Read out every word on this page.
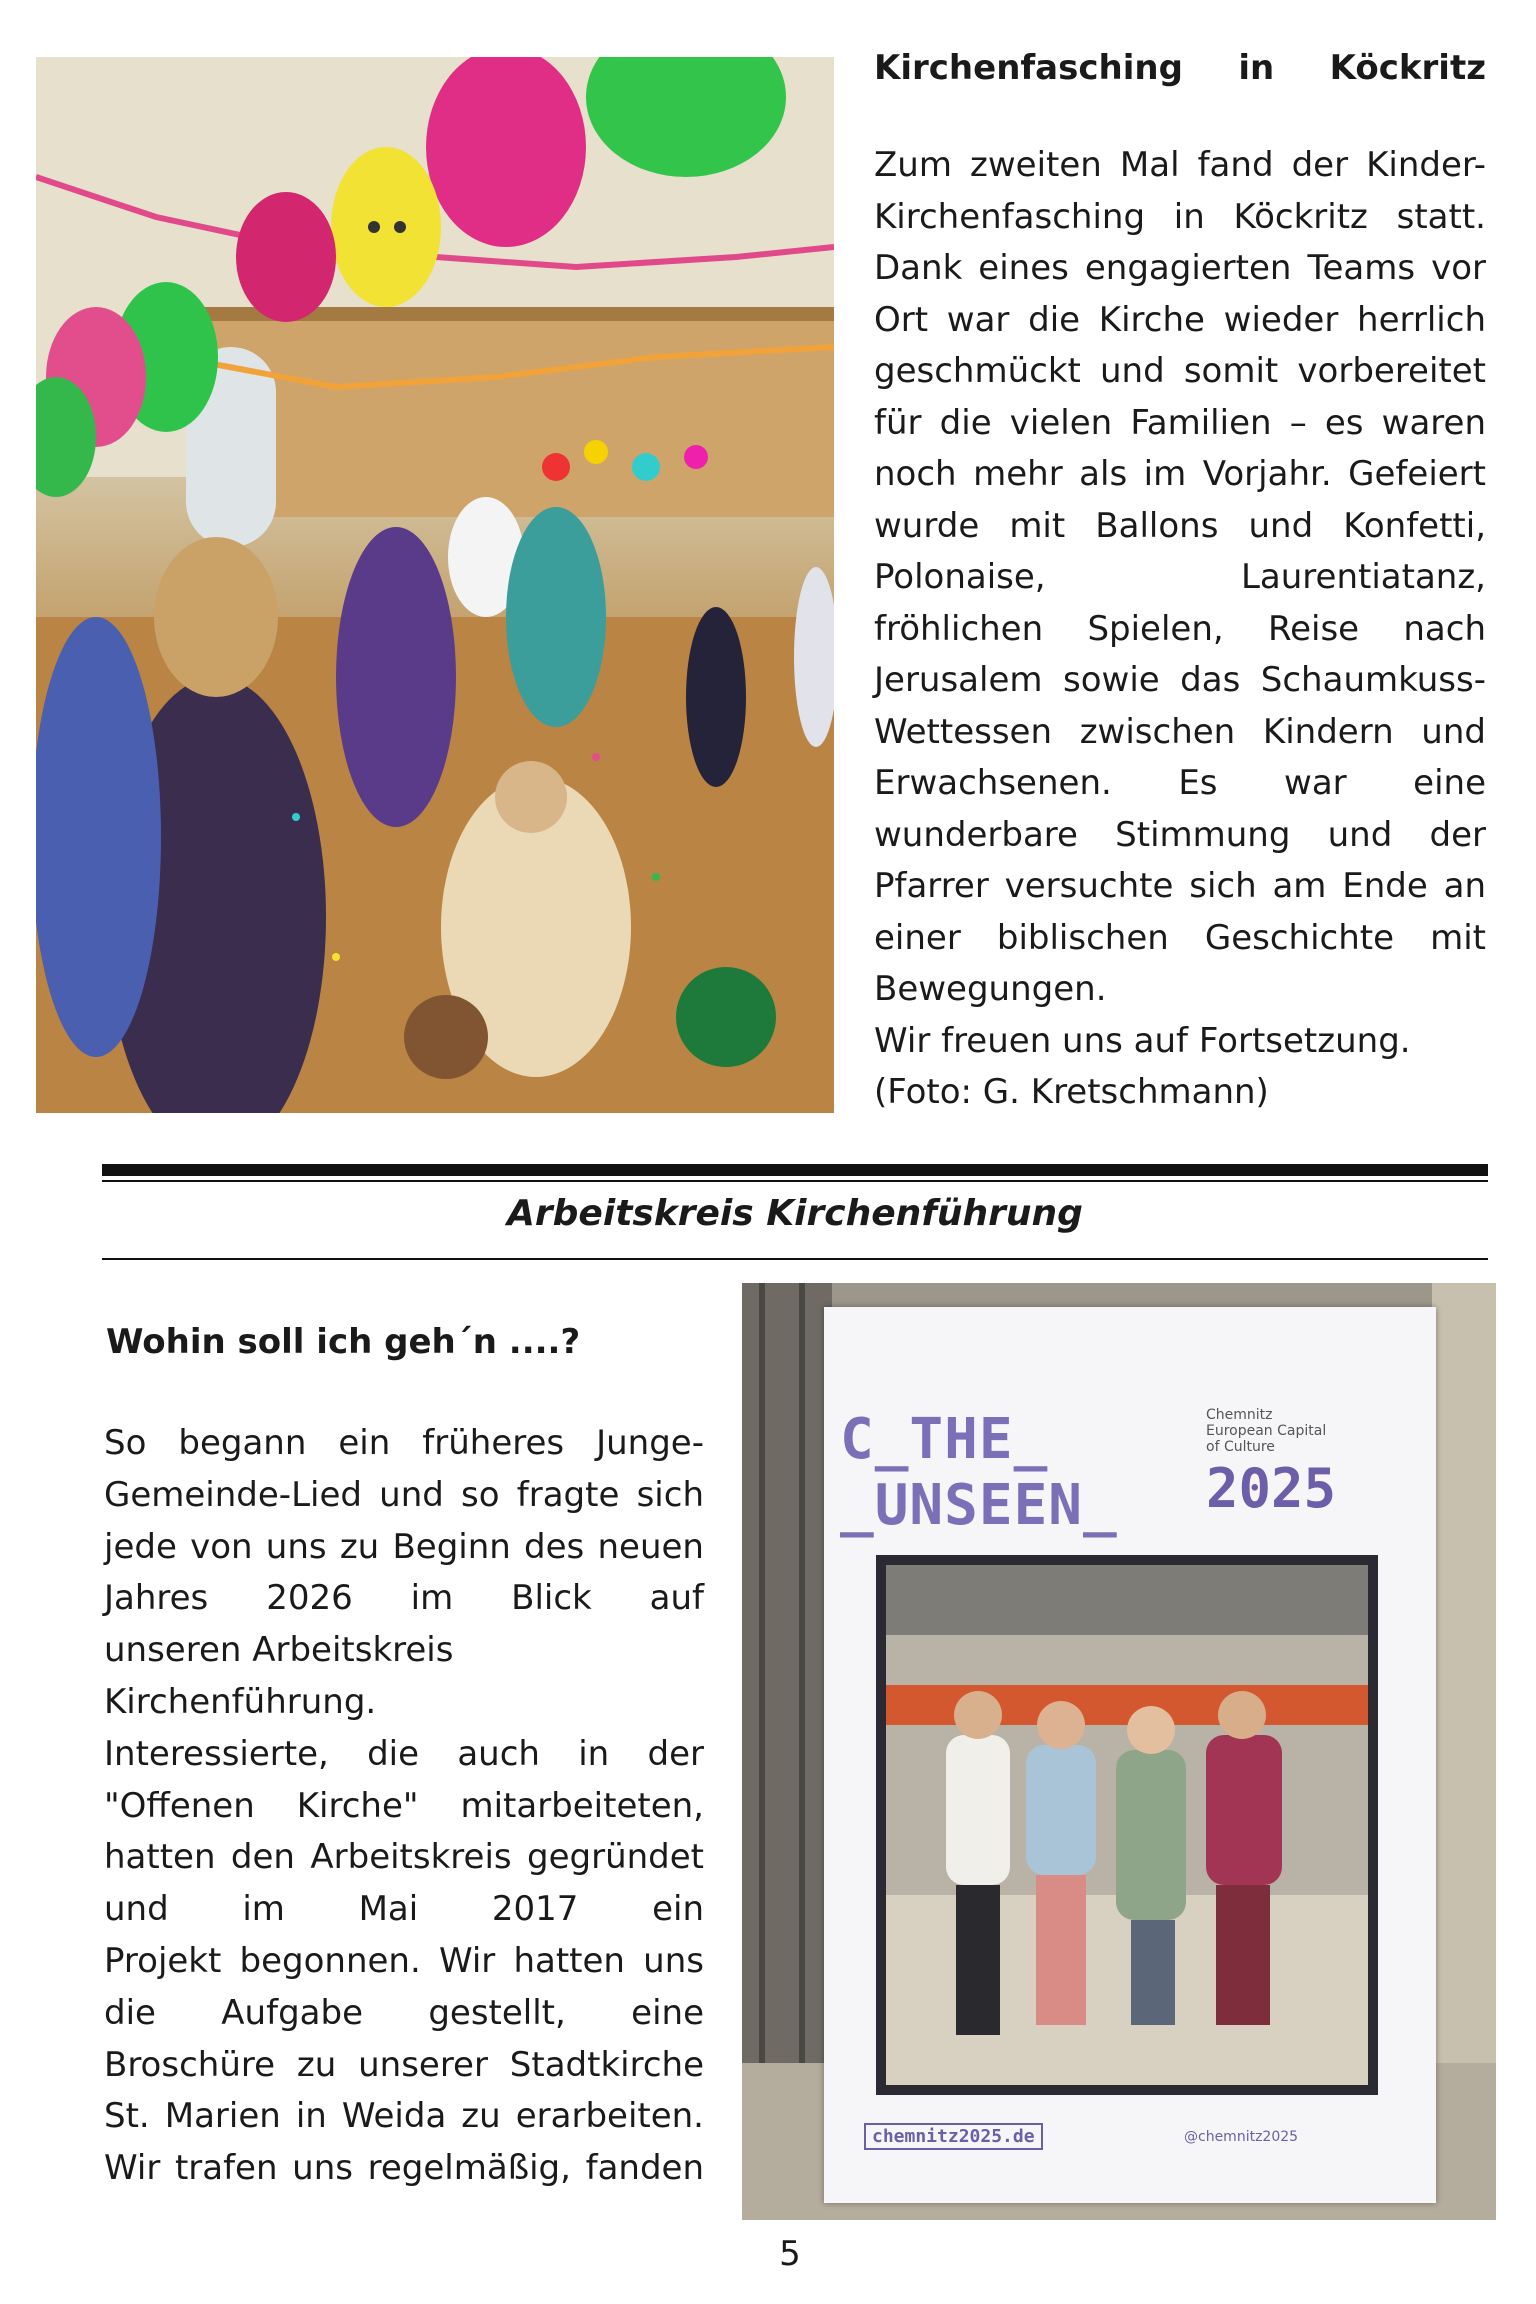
Kirchenfasching in Köckritz
Zum zweiten Mal fand der Kinder-
Kirchenfasching in Köckritz statt.
Dank eines engagierten Teams vor
Ort war die Kirche wieder herrlich
geschmückt und somit vorbereitet
für die vielen Familien – es waren
noch mehr als im Vorjahr. Gefeiert
wurde mit Ballons und Konfetti,
Polonaise, Laurentiatanz,
fröhlichen Spielen, Reise nach
Jerusalem sowie das Schaumkuss-
Wettessen zwischen Kindern und
Erwachsenen. Es war eine
wunderbare Stimmung und der
Pfarrer versuchte sich am Ende an
einer biblischen Geschichte mit
Bewegungen.
Wir freuen uns auf Fortsetzung.
(Foto: G. Kretschmann)
Arbeitskreis Kirchenführung
Wohin soll ich geh´n ....?
So begann ein früheres Junge-
Gemeinde-Lied und so fragte sich
jede von uns zu Beginn des neuen
Jahres 2026 im Blick auf
unseren Arbeitskreis
Kirchenführung.
Interessierte, die auch in der
"Offenen Kirche" mitarbeiteten,
hatten den Arbeitskreis gegründet
und im Mai 2017 ein
Projekt begonnen. Wir hatten uns
die Aufgabe gestellt, eine
Broschüre zu unserer Stadtkirche
St. Marien in Weida zu erarbeiten.
Wir trafen uns regelmäßig, fanden
C_THE_
_UNSEEN_
Chemnitz
European Capital
of Culture
2025
chemnitz2025.de	@chemnitz2025
5
